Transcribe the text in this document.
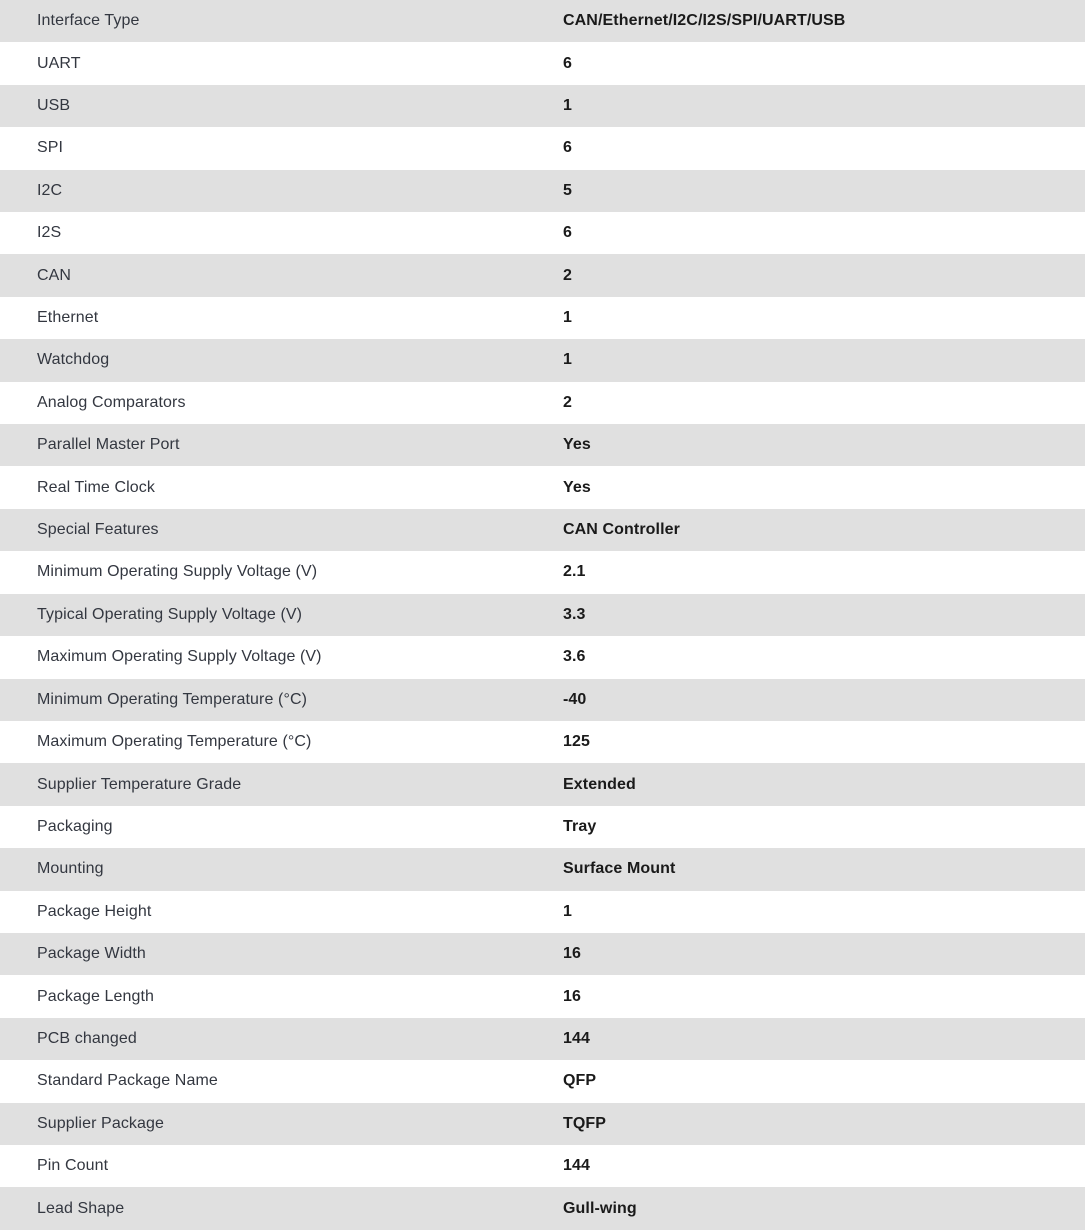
Interface Type	CAN/Ethernet/I2C/I2S/SPI/UART/USB
UART	6
USB	1
SPI	6
I2C	5
I2S	6
CAN	2
Ethernet	1
Watchdog	1
Analog Comparators	2
Parallel Master Port	Yes
Real Time Clock	Yes
Special Features	CAN Controller
Minimum Operating Supply Voltage (V)	2.1
Typical Operating Supply Voltage (V)	3.3
Maximum Operating Supply Voltage (V)	3.6
Minimum Operating Temperature (°C)	-40
Maximum Operating Temperature (°C)	125
Supplier Temperature Grade	Extended
Packaging	Tray
Mounting	Surface Mount
Package Height	1
Package Width	16
Package Length	16
PCB changed	144
Standard Package Name	QFP
Supplier Package	TQFP
Pin Count	144
Lead Shape	Gull-wing
